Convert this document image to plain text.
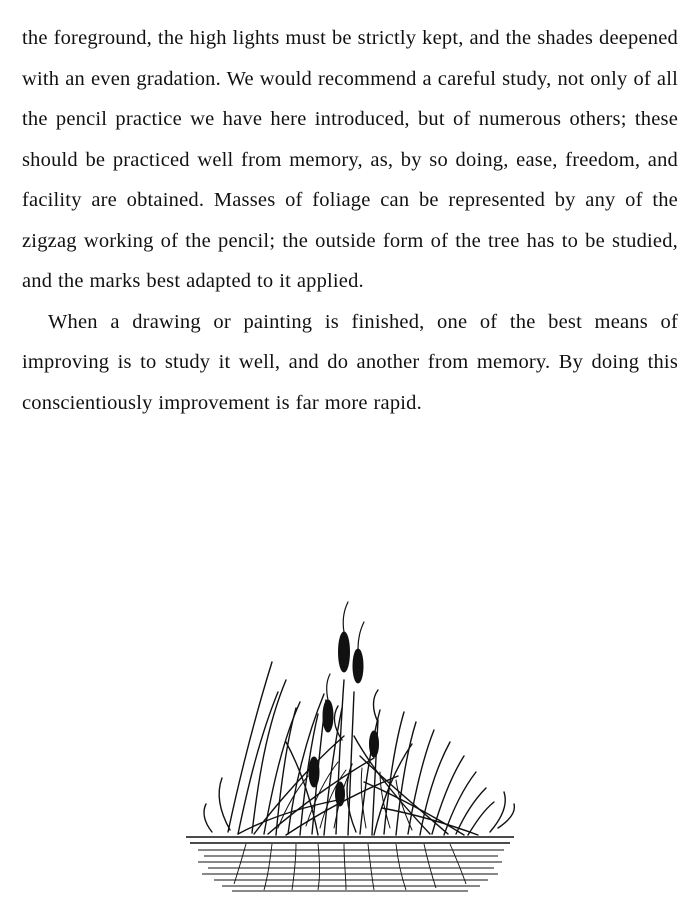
the foreground, the high lights must be strictly kept, and the shades deepened with an even gradation. We would recommend a careful study, not only of all the pencil practice we have here introduced, but of numerous others; these should be practiced well from memory, as, by so doing, ease, freedom, and facility are obtained. Masses of foliage can be represented by any of the zigzag working of the pencil; the outside form of the tree has to be studied, and the marks best adapted to it applied.

When a drawing or painting is finished, one of the best means of improving is to study it well, and do another from memory. By doing this conscientiously improvement is far more rapid.
